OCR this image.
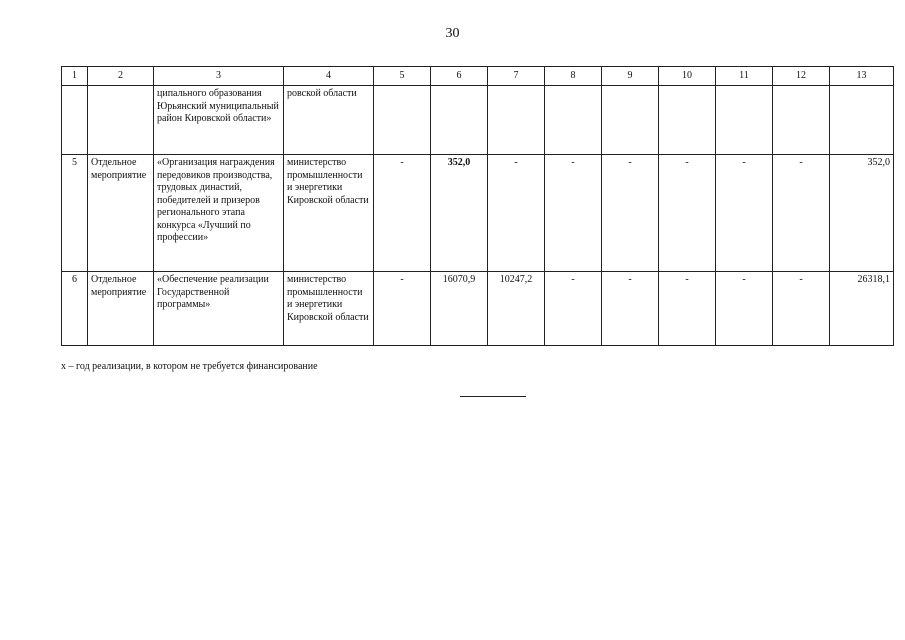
30
1	2	3	4	5	6	7	8	9	10	11	12	13
		ципального образования Юрьянский муниципальный район Кировской области»	ровской области									
5	Отдельное мероприятие	«Организация награждения передовиков производства, трудовых династий, победителей и призеров регионального этапа конкурса «Лучший по профессии»	министерство промышленности и энергетики Кировской области	-	352,0	-	-	-	-	-	-	352,0
6	Отдельное мероприятие	«Обеспечение реализации Государственной программы»	министерство промышленности и энергетики Кировской области	-	16070,9	10247,2	-	-	-	-	-	26318,1
x – год реализации, в котором не требуется финансирование
